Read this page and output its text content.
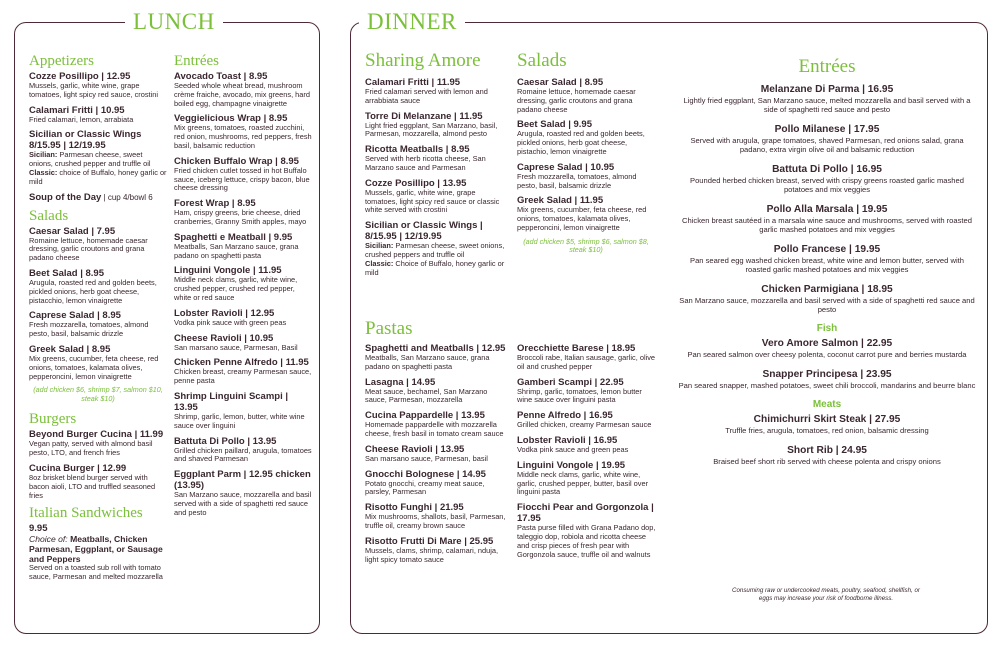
LUNCH
Appetizers
Cozze Posillipo | 12.95
Mussels, garlic, white wine, grape tomatoes, light spicy red sauce, crostini
Calamari Fritti | 10.95
Fried calamari, lemon, arrabiata
Sicilian or Classic Wings 8/15.95 | 12/19.95
Sicilian: Parmesan cheese, sweet onions, crushed pepper and truffle oil
Classic: choice of Buffalo, honey garlic or mild
Soup of the Day | cup 4/bowl 6
Salads
Caesar Salad | 7.95
Romaine lettuce, homemade caesar dressing, garlic croutons and grana padano cheese
Beet Salad | 8.95
Arugula, roasted red and golden beets, pickled onions, herb goat cheese, pistacchio, lemon vinaigrette
Caprese Salad | 8.95
Fresh mozzarella, tomatoes, almond pesto, basil, balsamic drizzle
Greek Salad | 8.95
Mix greens, cucumber, feta cheese, red onions, tomatoes, kalamata olives, pepperoncini, lemon vinaigrette
(add chicken $6, shrimp $7, salmon $10, steak $10)
Burgers
Beyond Burger Cucina | 11.99
Vegan patty, served with almond basil pesto, LTO, and french fries
Cucina Burger | 12.99
8oz brisket blend burger served with bacon aioli, LTO and truffled seasoned fries
Italian Sandwiches
9.95
Choice of: Meatballs, Chicken Parmesan, Eggplant, or Sausage and Peppers
Served on a toasted sub roll with tomato sauce, Parmesan and melted mozzarella
Entrées
Avocado Toast | 8.95
Seeded whole wheat bread, mushroom crème fraiche, avocado, mix greens, hard boiled egg, champagne vinaigrette
Veggielicious Wrap | 8.95
Mix greens, tomatoes, roasted zucchini, red onion, mushrooms, red peppers, fresh basil, balsamic reduction
Chicken Buffalo Wrap | 8.95
Fried chicken cutlet tossed in hot Buffalo sauce, iceberg lettuce, crispy bacon, blue cheese dressing
Forest Wrap | 8.95
Ham, crispy greens, brie cheese, dried cranberries, Granny Smith apples, mayo
Spaghetti e Meatball | 9.95
Meatballs, San Marzano sauce, grana padano on spaghetti pasta
Linguini Vongole | 11.95
Middle neck clams, garlic, white wine, crushed pepper, crushed red pepper, white or red sauce
Lobster Ravioli | 12.95
Vodka pink sauce with green peas
Cheese Ravioli | 10.95
San marsano sauce, Parmesan, Basil
Chicken Penne Alfredo | 11.95
Chicken breast, creamy Parmesan sauce, penne pasta
Shrimp Linguini Scampi | 13.95
Shrimp, garlic, lemon, butter, white wine sauce over linguini
Battuta Di Pollo | 13.95
Grilled chicken paillard, arugula, tomatoes and shaved Parmesan
Eggplant Parm | 12.95 chicken (13.95)
San Marzano sauce, mozzarella and basil served with a side of spaghetti red sauce and pesto
DINNER
Sharing Amore
Calamari Fritti | 11.95
Fried calamari served with lemon and arrabbiata sauce
Torre Di Melanzane | 11.95
Light fried eggplant, San Marzano, basil, Parmesan, mozzarella, almond pesto
Ricotta Meatballs | 8.95
Served with herb ricotta cheese, San Marzano sauce and Parmesan
Cozze Posillipo | 13.95
Mussels, garlic, white wine, grape tomatoes, light spicy red sauce or classic white served with crostini
Sicilian or Classic Wings | 8/15.95 | 12/19.95
Sicilian: Parmesan cheese, sweet onions, crushed peppers and truffle oil
Classic: Choice of Buffalo, honey garlic or mild
Salads
Caesar Salad | 8.95
Romaine lettuce, homemade caesar dressing, garlic croutons and grana padano cheese
Beet Salad | 9.95
Arugula, roasted red and golden beets, pickled onions, herb goat cheese, pistachio, lemon vinaigrette
Caprese Salad | 10.95
Fresh mozzarella, tomatoes, almond pesto, basil, balsamic drizzle
Greek Salad | 11.95
Mix greens, cucumber, feta cheese, red onions, tomatoes, kalamata olives, pepperoncini, lemon vinaigrette
(add chicken $5, shrimp $6, salmon $8, steak $10)
Pastas
Spaghetti and Meatballs | 12.95
Meatballs, San Marzano sauce, grana padano on spaghetti pasta
Lasagna | 14.95
Meat sauce, bechamel, San Marzano sauce, Parmesan, mozzarella
Cucina Pappardelle | 13.95
Homemade pappardelle with mozzarella cheese, fresh basil in tomato cream sauce
Cheese Ravioli | 13.95
San marsano sauce, Parmesan, basil
Gnocchi Bolognese | 14.95
Potato gnocchi, creamy meat sauce, parsley, Parmesan
Risotto Funghi | 21.95
Mix mushrooms, shallots, basil, Parmesan, truffle oil, creamy brown sauce
Risotto Frutti Di Mare | 25.95
Mussels, clams, shrimp, calamari, nduja, light spicy tomato sauce
Orecchiette Barese | 18.95
Broccoli rabe, Italian sausage, garlic, olive oil and crushed pepper
Gamberi Scampi | 22.95
Shrimp, garlic, tomatoes, lemon butter wine sauce over linguini pasta
Penne Alfredo | 16.95
Grilled chicken, creamy Parmesan sauce
Lobster Ravioli | 16.95
Vodka pink sauce and green peas
Linguini Vongole | 19.95
Middle neck clams, garlic, white wine, garlic, crushed pepper, butter, basil over linguini pasta
Fiocchi Pear and Gorgonzola | 17.95
Pasta purse filled with Grana Padano dop, taleggio dop, robiola and ricotta cheese and crisp pieces of fresh pear with Gorgonzola sauce, truffle oil and walnuts
Entrées
Melanzane Di Parma | 16.95
Lightly fried eggplant, San Marzano sauce, melted mozzarella and basil served with a side of spaghetti red sauce and pesto
Pollo Milanese | 17.95
Served with arugula, grape tomatoes, shaved Parmesan, red onions salad, grana padano, extra virgin olive oil and balsamic reduction
Battuta Di Pollo | 16.95
Pounded herbed chicken breast, served with crispy greens roasted garlic mashed potatoes and mix veggies
Pollo Alla Marsala | 19.95
Chicken breast sautéed in a marsala wine sauce and mushrooms, served with roasted garlic mashed potatoes and mix veggies
Pollo Francese | 19.95
Pan seared egg washed chicken breast, white wine and lemon butter, served with roasted garlic mashed potatoes and mix veggies
Chicken Parmigiana | 18.95
San Marzano sauce, mozzarella and basil served with a side of spaghetti red sauce and pesto
Fish
Vero Amore Salmon | 22.95
Pan seared salmon over cheesy polenta, coconut carrot pure and berries mustarda
Snapper Principesa | 23.95
Pan seared snapper, mashed potatoes, sweet chili broccoli, mandarins and beurre blanc
Meats
Chimichurri Skirt Steak | 27.95
Truffle fries, arugula, tomatoes, red onion, balsamic dressing
Short Rib | 24.95
Braised beef short rib served with cheese polenta and crispy onions
Consuming raw or undercooked meats, poultry, seafood, shellfish, or eggs may increase your risk of foodborne illness.
